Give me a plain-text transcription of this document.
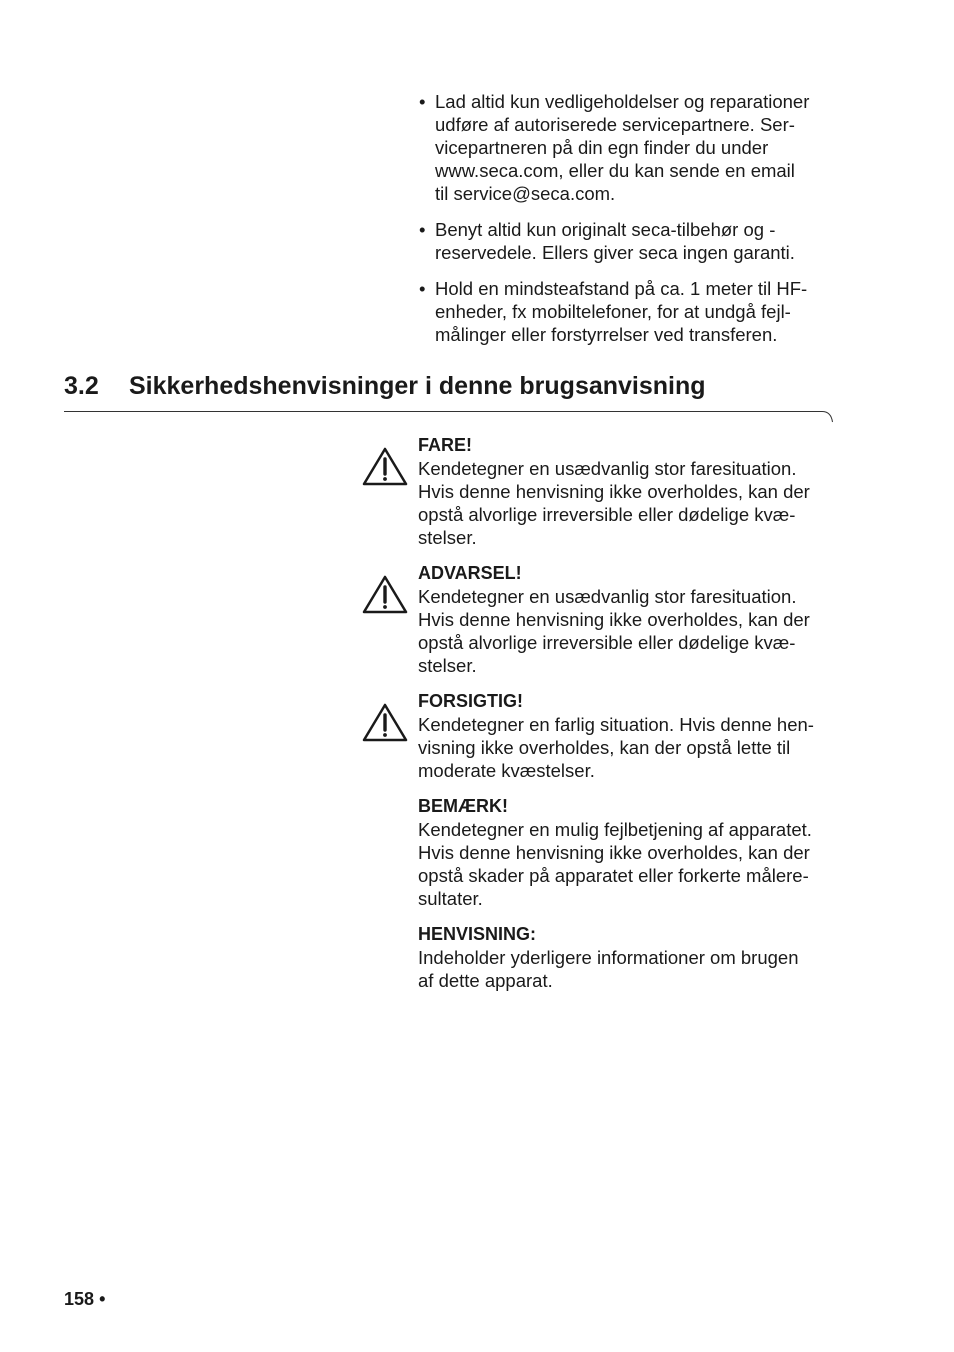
• Lad altid kun vedligeholdelser og reparationer
udføre af autoriserede servicepartnere. Ser-
vicepartneren på din egn finder du under
www.seca.com, eller du kan sende en email
til service@seca.com.
• Benyt altid kun originalt seca-tilbehør og -
reservedele. Ellers giver seca ingen garanti.
• Hold en mindsteafstand på ca. 1 meter til HF-
enheder, fx mobiltelefoner, for at undgå fejl-
målinger eller forstyrrelser ved transferen.
3.2 Sikkerhedshenvisninger i denne brugsanvisning
FARE!
Kendetegner en usædvanlig stor faresituation.
Hvis denne henvisning ikke overholdes, kan der
opstå alvorlige irreversible eller dødelige kvæ-
stelser.
ADVARSEL!
Kendetegner en usædvanlig stor faresituation.
Hvis denne henvisning ikke overholdes, kan der
opstå alvorlige irreversible eller dødelige kvæ-
stelser.
FORSIGTIG!
Kendetegner en farlig situation. Hvis denne hen-
visning ikke overholdes, kan der opstå lette til
moderate kvæstelser.
BEMÆRK!
Kendetegner en mulig fejlbetjening af apparatet.
Hvis denne henvisning ikke overholdes, kan der
opstå skader på apparatet eller forkerte målere-
sultater.
HENVISNING:
Indeholder yderligere informationer om brugen
af dette apparat.
158 •
